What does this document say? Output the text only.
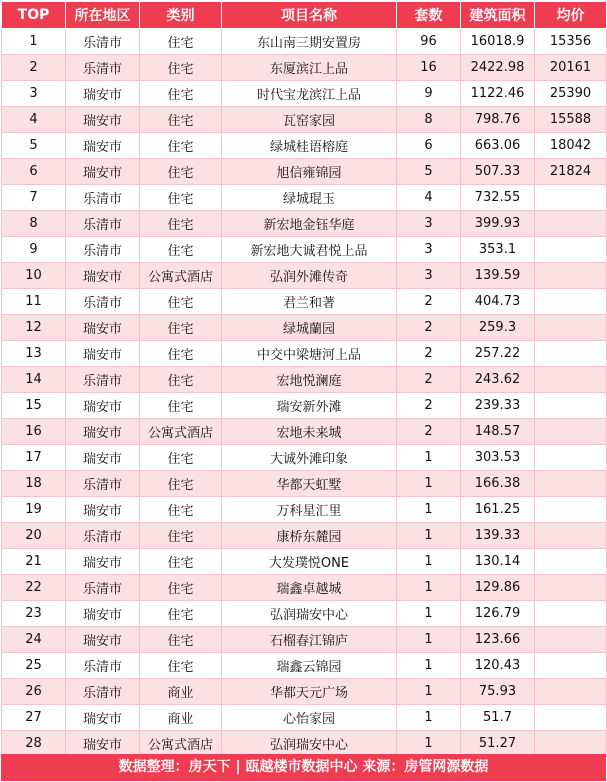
TOP	所在地区	类别	项目名称	套数	建筑面积	均价
1	乐清市	住宅	东山南三期安置房	96	16018.9	15356
2	乐清市	住宅	东厦滨江上品	16	2422.98	20161
3	瑞安市	住宅	时代宝龙滨江上品	9	1122.46	25390
4	瑞安市	住宅	瓦窑家园	8	798.76	15588
5	瑞安市	住宅	绿城桂语榕庭	6	663.06	18042
6	瑞安市	住宅	旭信雍锦园	5	507.33	21824
7	乐清市	住宅	绿城琨玉	4	732.55	
8	乐清市	住宅	新宏地金钰华庭	3	399.93	
9	乐清市	住宅	新宏地大诚君悦上品	3	353.1	
10	瑞安市	公寓式酒店	弘润外滩传奇	3	139.59	
11	乐清市	住宅	君兰和著	2	404.73	
12	瑞安市	住宅	绿城蘭园	2	259.3	
13	瑞安市	住宅	中交中梁塘河上品	2	257.22	
14	乐清市	住宅	宏地悦澜庭	2	243.62	
15	瑞安市	住宅	瑞安新外滩	2	239.33	
16	瑞安市	公寓式酒店	宏地未来城	2	148.57	
17	瑞安市	住宅	大诚外滩印象	1	303.53	
18	乐清市	住宅	华都天虹墅	1	166.38	
19	瑞安市	住宅	万科星汇里	1	161.25	
20	乐清市	住宅	康桥东麓园	1	139.33	
21	瑞安市	住宅	大发璞悦ONE	1	130.14	
22	乐清市	住宅	瑞鑫卓越城	1	129.86	
23	瑞安市	住宅	弘润瑞安中心	1	126.79	
24	瑞安市	住宅	石榴春江锦庐	1	123.66	
25	乐清市	住宅	瑞鑫云锦园	1	120.43	
26	乐清市	商业	华都天元广场	1	75.93	
27	瑞安市	商业	心怡家园	1	51.7	
28	瑞安市	公寓式酒店	弘润瑞安中心	1	51.27	
数据整理：房天下 | 瓯越楼市数据中心 来源：房管网源数据
